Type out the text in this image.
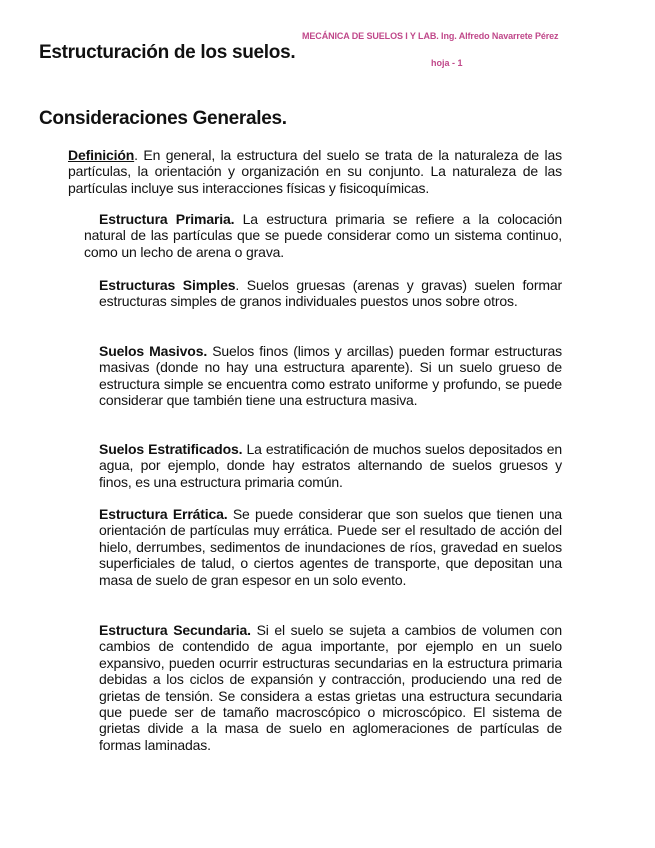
MECÁNICA DE SUELOS I Y LAB. Ing. Alfredo Navarrete Pérez
hoja - 1
Estructuración de los suelos.
Consideraciones Generales.

Definición. En general, la estructura del suelo se trata de la naturaleza de las partículas, la orientación y organización en su conjunto. La naturaleza de las partículas incluye sus interacciones físicas y fisicoquímicas.

Estructura Primaria. La estructura primaria se refiere a la colocación natural de las partículas que se puede considerar como un sistema continuo, como un lecho de arena o grava.

Estructuras Simples. Suelos gruesas (arenas y gravas) suelen formar estructuras simples de granos individuales puestos unos sobre otros.

Suelos Masivos. Suelos finos (limos y arcillas) pueden formar estructuras masivas (donde no hay una estructura aparente). Si un suelo grueso de estructura simple se encuentra como estrato uniforme y profundo, se puede considerar que también tiene una estructura masiva.

Suelos Estratificados. La estratificación de muchos suelos depositados en agua, por ejemplo, donde hay estratos alternando de suelos gruesos y finos, es una estructura primaria común.

Estructura Errática. Se puede considerar que son suelos que tienen una orientación de partículas muy errática. Puede ser el resultado de acción del hielo, derrumbes, sedimentos de inundaciones de ríos, gravedad en suelos superficiales de talud, o ciertos agentes de transporte, que depositan una masa de suelo de gran espesor en un solo evento.

Estructura Secundaria. Si el suelo se sujeta a cambios de volumen con cambios de contendido de agua importante, por ejemplo en un suelo expansivo, pueden ocurrir estructuras secundarias en la estructura primaria debidas a los ciclos de expansión y contracción, produciendo una red de grietas de tensión. Se considera a estas grietas una estructura secundaria que puede ser de tamaño macroscópico o microscópico. El sistema de grietas divide a la masa de suelo en aglomeraciones de partículas de formas laminadas.
